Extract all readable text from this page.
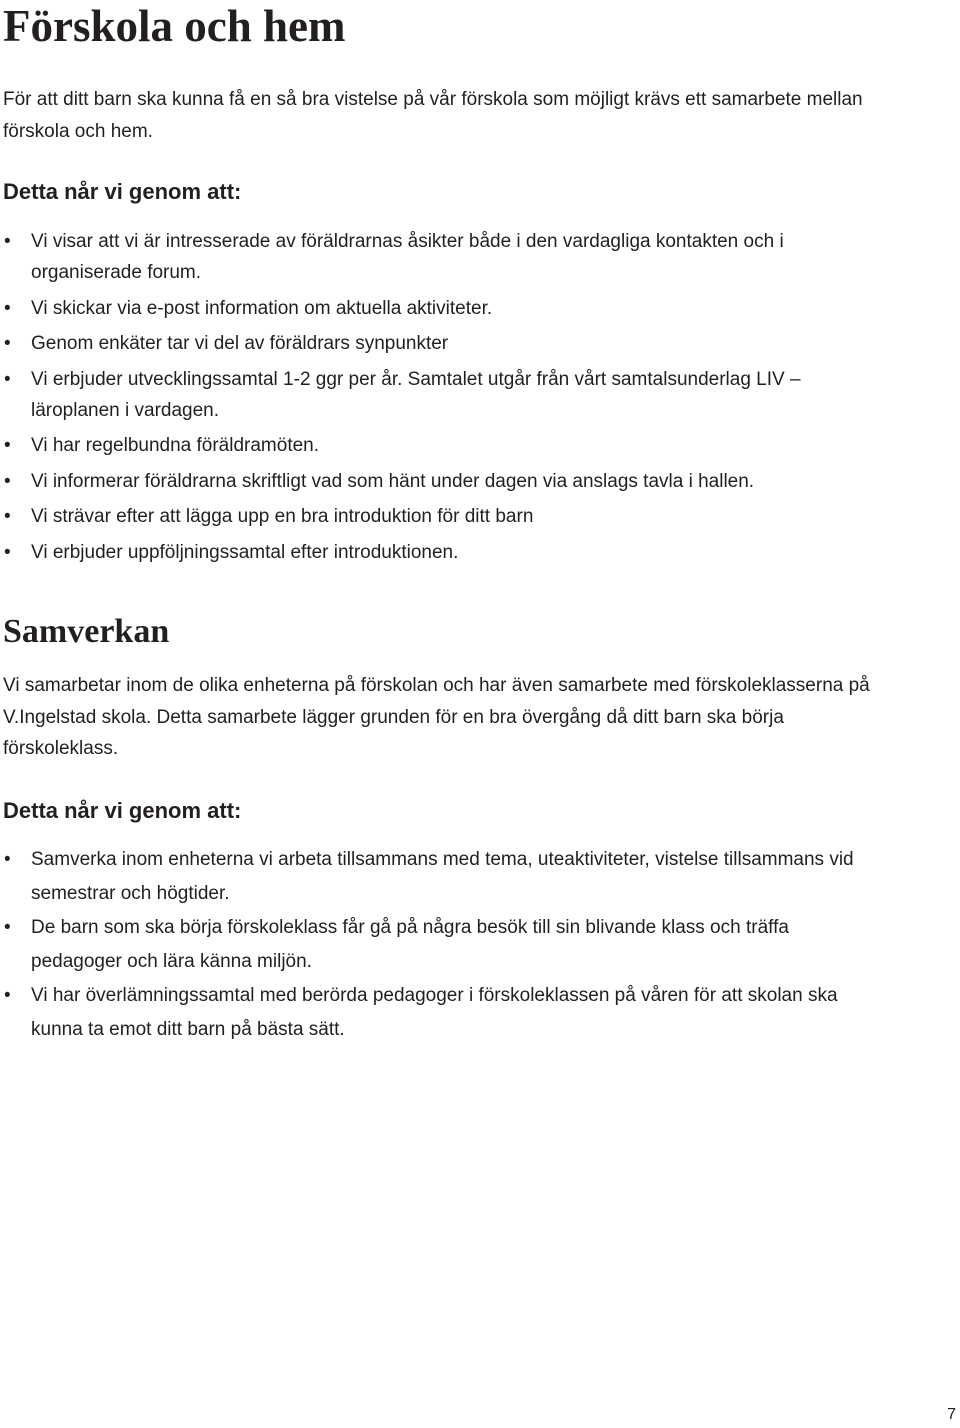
Förskola och hem

För att ditt barn ska kunna få en så bra vistelse på vår förskola som möjligt krävs ett samarbete mellan förskola och hem.

Detta når vi genom att:
• Vi visar att vi är intresserade av föräldrarnas åsikter både i den vardagliga kontakten och i organiserade forum.
• Vi skickar via e-post information om aktuella aktiviteter.
• Genom enkäter tar vi del av föräldrars synpunkter
• Vi erbjuder utvecklingssamtal 1-2 ggr per år. Samtalet utgår från vårt samtalsunderlag LIV – läroplanen i vardagen.
• Vi har regelbundna föräldramöten.
• Vi informerar föräldrarna skriftligt vad som hänt under dagen via anslags tavla i hallen.
• Vi strävar efter att lägga upp en bra introduktion för ditt barn
• Vi erbjuder uppföljningssamtal efter introduktionen.
Samverkan

Vi samarbetar inom de olika enheterna på förskolan och har även samarbete med förskoleklasserna på V.Ingelstad skola. Detta samarbete lägger grunden för en bra övergång då ditt barn ska börja förskoleklass.

Detta når vi genom att:
• Samverka inom enheterna vi arbeta tillsammans med tema, uteaktiviteter, vistelse tillsammans vid semestrar och högtider.
• De barn som ska börja förskoleklass får gå på några besök till sin blivande klass och träffa pedagoger och lära känna miljön.
• Vi har överlämningssamtal med berörda pedagoger i förskoleklassen på våren för att skolan ska kunna ta emot ditt barn på bästa sätt.
7
